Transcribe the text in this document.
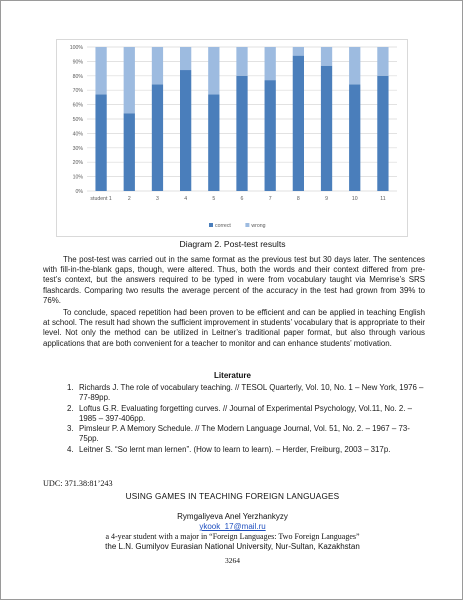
0%
10%
20%
30%
40%
50%
60%
70%
80%
90%
100%
student 1	2	3	4	5	6	7	8	9	10	11
correct	wrong
Diagram 2. Post-test results

The post-test was carried out in the same format as the previous test but 30 days later. The sentences with fill-in-the-blank gaps, though, were altered. Thus, both the words and their context differed from pre-test’s context, but the answers required to be typed in were from vocabulary taught via Memrise’s SRS flashcards. Comparing two results the average percent of the accuracy in the test had grown from 39% to 76%.

To conclude, spaced repetition had been proven to be efficient and can be applied in teaching English at school. The result had shown the sufficient improvement in students’ vocabulary that is appropriate to their level. Not only the method can be utilized in Leitner’s traditional paper format, but also through various applications that are both convenient for a teacher to monitor and can enhance students’ motivation.

Literature
1. Richards J. The role of vocabulary teaching. // TESOL Quarterly, Vol. 10, No. 1 – New York, 1976 – 77-89pp.
2. Loftus G.R. Evaluating forgetting curves. // Journal of Experimental Psychology, Vol.11, No. 2. – 1985 – 397-406pp.
3. Pimsleur P. A Memory Schedule. // The Modern Language Journal, Vol. 51, No. 2. – 1967 – 73-75pp.
4. Leitner S. “So lernt man lernen”. (How to learn to learn). – Herder, Freiburg, 2003 – 317p.
UDC: 371.38:81’243
USING GAMES IN TEACHING FOREIGN LANGUAGES
Rymgaliyeva Anel Yerzhankyzy
ykook_17@mail.ru
a 4-year student with a major in “Foreign Languages: Two Foreign Languages”
the L.N. Gumilyov Eurasian National University, Nur-Sultan, Kazakhstan
3264
